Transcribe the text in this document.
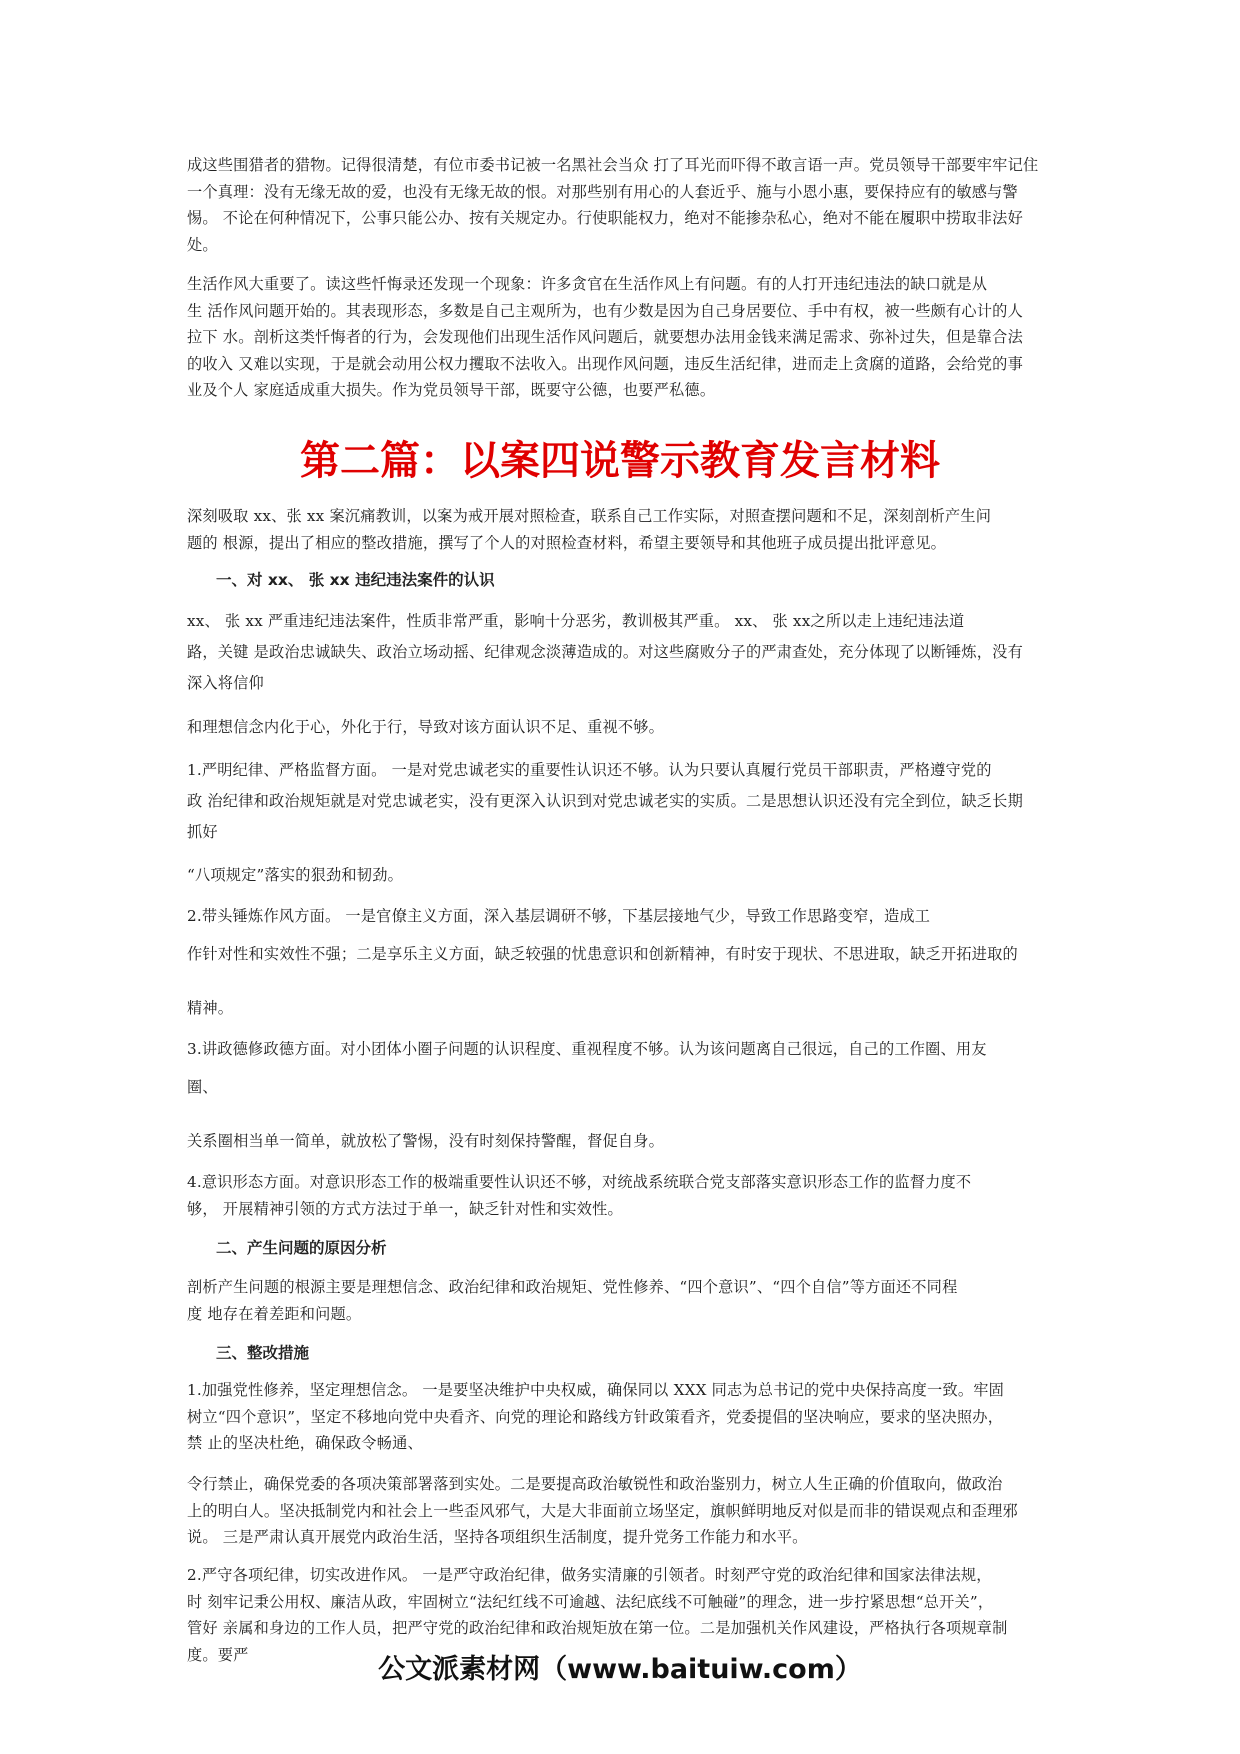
成这些围猎者的猎物。记得很清楚，有位市委书记被一名黑社会当众 打了耳光而吓得不敢言语一声。党员领导干部要牢牢记住
一个真理：没有无缘无故的爱，也没有无缘无故的恨。对那些别有用心的人套近乎、施与小恩小惠，要保持应有的敏感与警
惕。 不论在何种情况下，公事只能公办、按有关规定办。行使职能权力，绝对不能掺杂私心，绝对不能在履职中捞取非法好
处。
生活作风大重要了。读这些忏悔录还发现一个现象：许多贪官在生活作风上有问题。有的人打开违纪违法的缺口就是从
生 活作风问题开始的。其表现形态，多数是自己主观所为，也有少数是因为自己身居要位、手中有权，被一些颇有心计的人
拉下 水。剖析这类忏悔者的行为，会发现他们出现生活作风问题后，就要想办法用金钱来满足需求、弥补过失，但是靠合法
的收入 又难以实现，于是就会动用公权力攫取不法收入。出现作风问题，违反生活纪律，进而走上贪腐的道路，会给党的事
业及个人 家庭适成重大损失。作为党员领导干部，既要守公德，也要严私德。
第二篇：以案四说警示教育发言材料
深刻吸取 xx、张 xx 案沉痛教训，以案为戒开展对照检查，联系自己工作实际，对照查摆问题和不足，深刻剖析产生问
题的 根源，提出了相应的整改措施，撰写了个人的对照检查材料，希望主要领导和其他班子成员提出批评意见。
一、对 xx、 张 xx 违纪违法案件的认识
xx、 张 xx 严重违纪违法案件，性质非常严重，影响十分恶劣，教训极其严重。 xx、 张 xx之所以走上违纪违法道
路，关键 是政治忠诚缺失、政治立场动摇、纪律观念淡薄造成的。对这些腐败分子的严肃查处，充分体现了以断锤炼，没有
深入将信仰
和理想信念内化于心，外化于行，导致对该方面认识不足、重视不够。
1.严明纪律、严格监督方面。 一是对党忠诚老实的重要性认识还不够。认为只要认真履行党员干部职责，严格遵守党的
政 治纪律和政治规矩就是对党忠诚老实，没有更深入认识到对党忠诚老实的实质。二是思想认识还没有完全到位，缺乏长期
抓好
“八项规定”落实的狠劲和韧劲。
2.带头锤炼作风方面。 一是官僚主义方面，深入基层调研不够，下基层接地气少，导致工作思路变窄，造成工
作针对性和实效性不强；二是享乐主义方面，缺乏较强的忧患意识和创新精神，有时安于现状、不思进取，缺乏开拓进取的
精神。
3.讲政德修政德方面。对小团体小圈子问题的认识程度、重视程度不够。认为该问题离自己很远，自己的工作圈、用友
圈、
关系圈相当单一简单，就放松了警惕，没有时刻保持警醒，督促自身。
4.意识形态方面。对意识形态工作的极端重要性认识还不够，对统战系统联合党支部落实意识形态工作的监督力度不
够， 开展精神引领的方式方法过于单一，缺乏针对性和实效性。
二、产生问题的原因分析
剖析产生问题的根源主要是理想信念、政治纪律和政治规矩、党性修养、“四个意识”、“四个自信”等方面还不同程
度 地存在着差距和问题。
三、整改措施
1.加强党性修养，坚定理想信念。 一是要坚决维护中央权威，确保同以 XXX 同志为总书记的党中央保持高度一致。牢固
树立“四个意识”，坚定不移地向党中央看齐、向党的理论和路线方针政策看齐，党委提倡的坚决响应，要求的坚决照办，
禁 止的坚决杜绝，确保政令畅通、
令行禁止，确保党委的各项决策部署落到实处。二是要提高政治敏锐性和政治鉴别力，树立人生正确的价值取向，做政治
上的明白人。坚决抵制党内和社会上一些歪风邪气，大是大非面前立场坚定，旗帜鲜明地反对似是而非的错误观点和歪理邪
说。 三是严肃认真开展党内政治生活，坚持各项组织生活制度，提升党务工作能力和水平。
2.严守各项纪律，切实改进作风。 一是严守政治纪律，做务实清廉的引领者。时刻严守党的政治纪律和国家法律法规，
时 刻牢记秉公用权、廉洁从政，牢固树立“法纪红线不可逾越、法纪底线不可触碰”的理念，进一步拧紧思想“总开关”，
管好 亲属和身边的工作人员，把严守党的政治纪律和政治规矩放在第一位。二是加强机关作风建设，严格执行各项规章制
度。要严	公文派素材网（www.baituiw.com）
